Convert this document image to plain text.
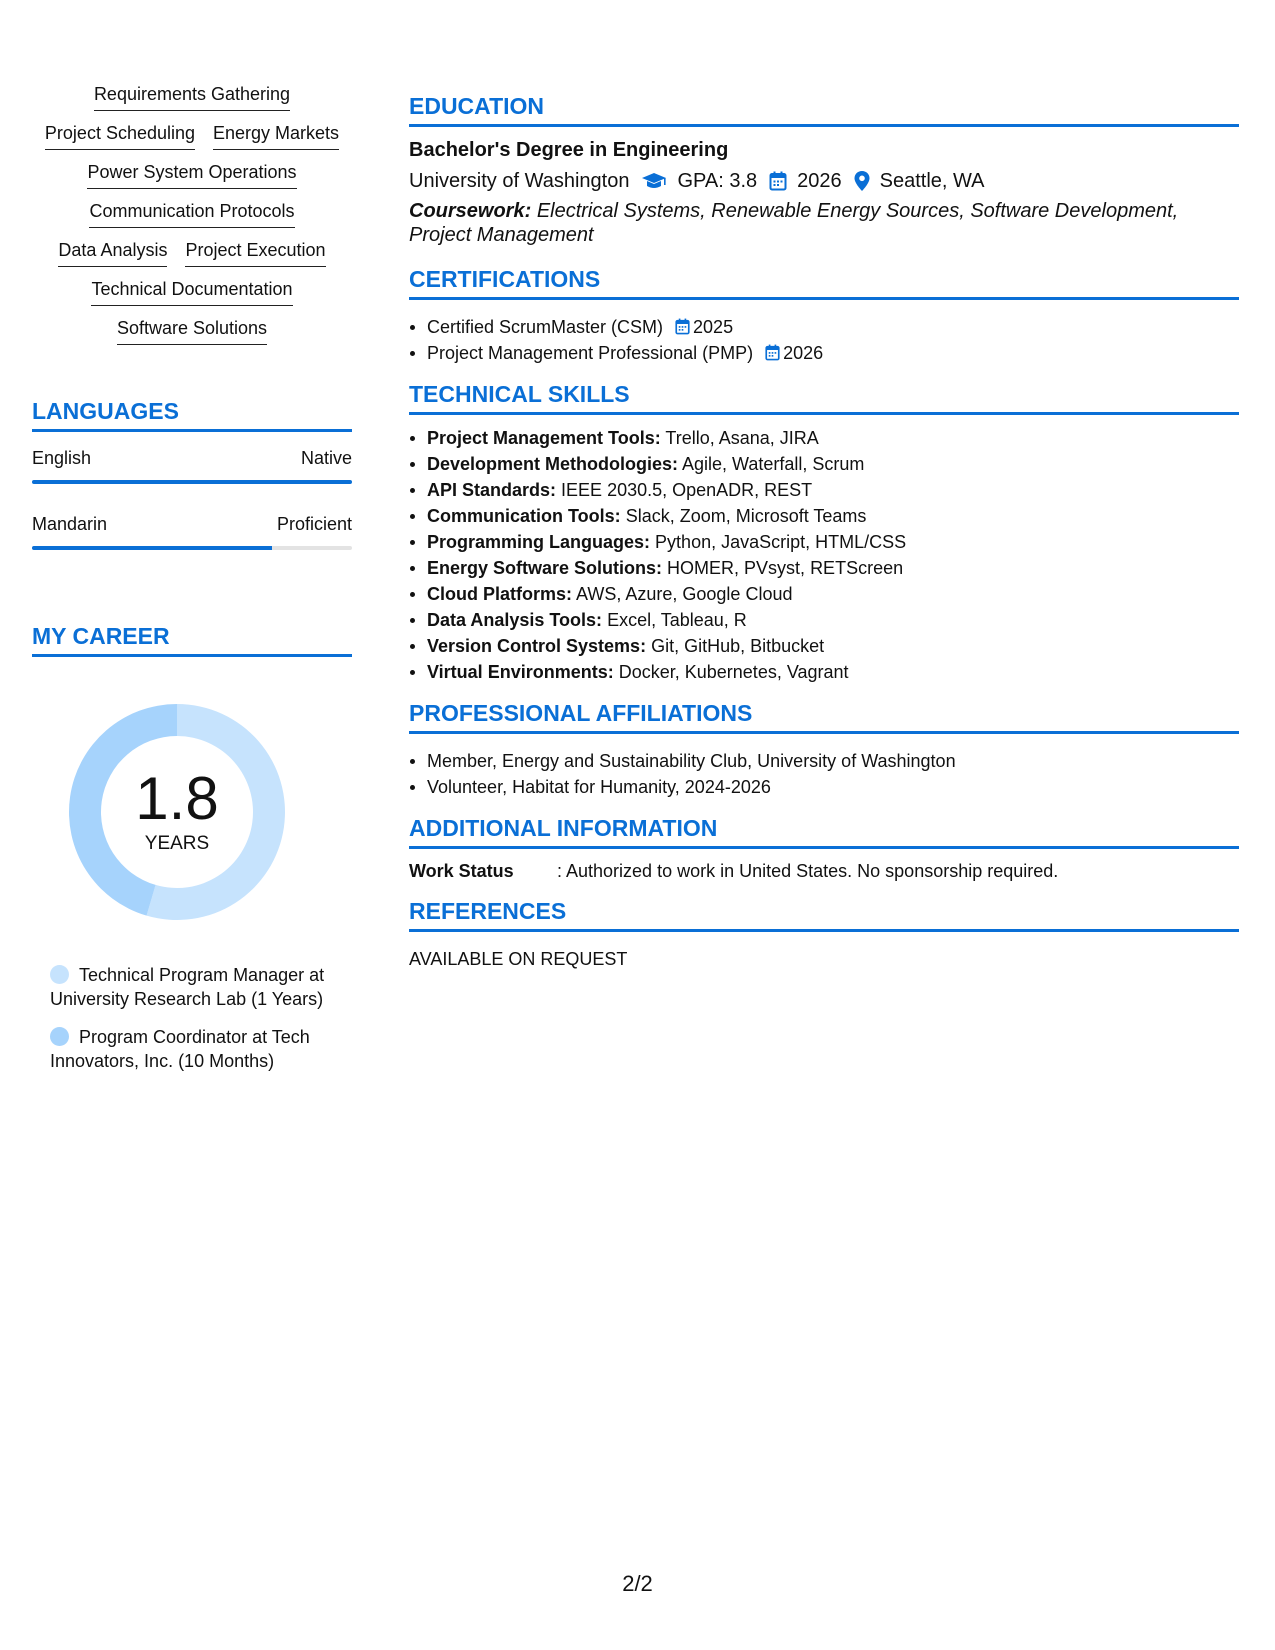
Requirements Gathering
Project Scheduling Energy Markets
Power System Operations
Communication Protocols
Data Analysis Project Execution
Technical Documentation
Software Solutions
LANGUAGES
English	Native
Mandarin	Proficient
MY CAREER
1.8
YEARS
Technical Program Manager at University Research Lab (1 Years)
Program Coordinator at Tech Innovators, Inc. (10 Months)
EDUCATION
Bachelor's Degree in Engineering
University of Washington GPA: 3.8 2026 Seattle, WA
Coursework: Electrical Systems, Renewable Energy Sources, Software Development, Project Management
CERTIFICATIONS
Certified ScrumMaster (CSM) 2025
Project Management Professional (PMP) 2026
TECHNICAL SKILLS
Project Management Tools: Trello, Asana, JIRA
Development Methodologies: Agile, Waterfall, Scrum
API Standards: IEEE 2030.5, OpenADR, REST
Communication Tools: Slack, Zoom, Microsoft Teams
Programming Languages: Python, JavaScript, HTML/CSS
Energy Software Solutions: HOMER, PVsyst, RETScreen
Cloud Platforms: AWS, Azure, Google Cloud
Data Analysis Tools: Excel, Tableau, R
Version Control Systems: Git, GitHub, Bitbucket
Virtual Environments: Docker, Kubernetes, Vagrant
PROFESSIONAL AFFILIATIONS
Member, Energy and Sustainability Club, University of Washington
Volunteer, Habitat for Humanity, 2024-2026
ADDITIONAL INFORMATION
Work Status	: Authorized to work in United States. No sponsorship required.
REFERENCES
AVAILABLE ON REQUEST
2/2
